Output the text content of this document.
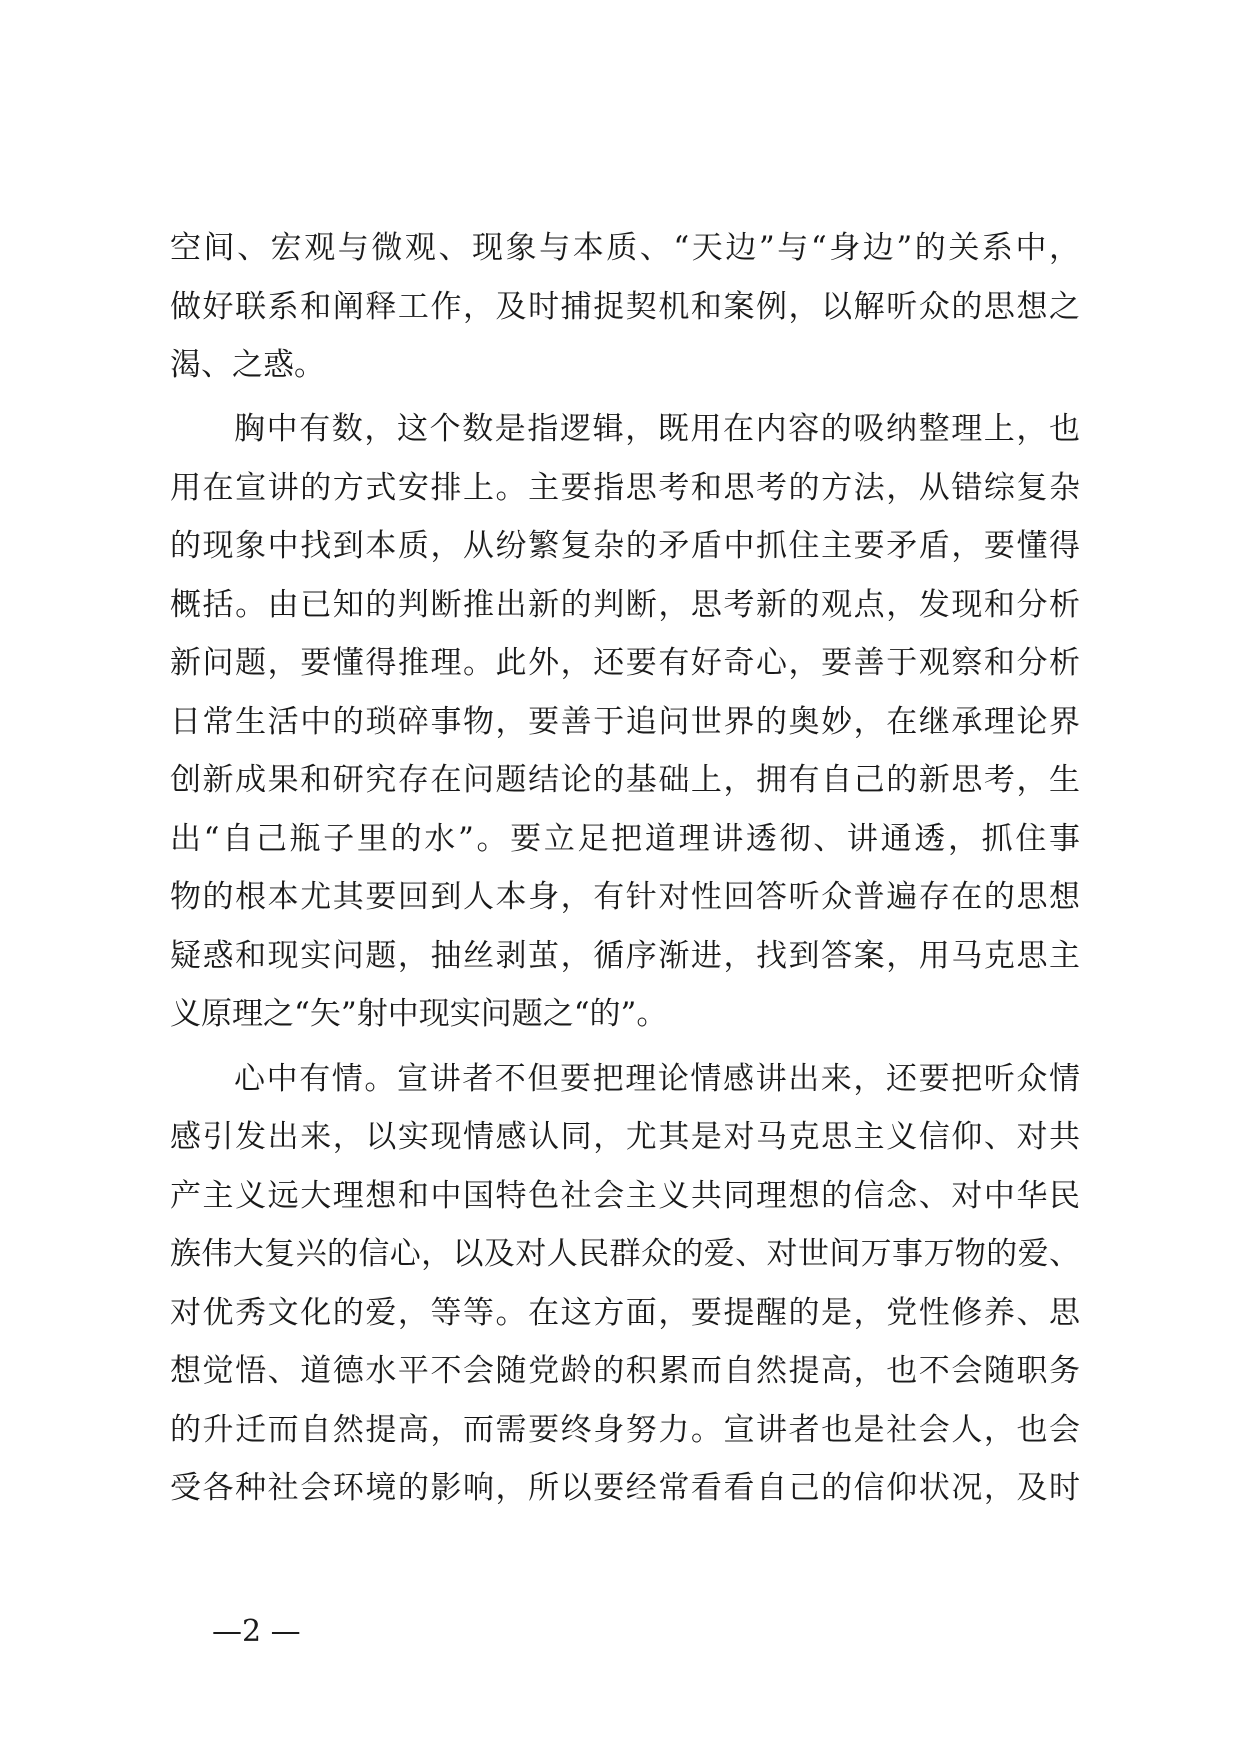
空间、宏观与微观、现象与本质、“天边”与“身边”的关系中，
做好联系和阐释工作，及时捕捉契机和案例，以解听众的思想之
渴、之惑。
胸中有数，这个数是指逻辑，既用在内容的吸纳整理上，也
用在宣讲的方式安排上。主要指思考和思考的方法，从错综复杂
的现象中找到本质，从纷繁复杂的矛盾中抓住主要矛盾，要懂得
概括。由已知的判断推出新的判断，思考新的观点，发现和分析
新问题，要懂得推理。此外，还要有好奇心，要善于观察和分析
日常生活中的琐碎事物，要善于追问世界的奥妙，在继承理论界
创新成果和研究存在问题结论的基础上，拥有自己的新思考，生
出“自己瓶子里的水”。要立足把道理讲透彻、讲通透，抓住事
物的根本尤其要回到人本身，有针对性回答听众普遍存在的思想
疑惑和现实问题，抽丝剥茧，循序渐进，找到答案，用马克思主
义原理之“矢”射中现实问题之“的”。
心中有情。宣讲者不但要把理论情感讲出来，还要把听众情
感引发出来，以实现情感认同，尤其是对马克思主义信仰、对共
产主义远大理想和中国特色社会主义共同理想的信念、对中华民
族伟大复兴的信心，以及对人民群众的爱、对世间万事万物的爱、
对优秀文化的爱，等等。在这方面，要提醒的是，党性修养、思
想觉悟、道德水平不会随党龄的积累而自然提高，也不会随职务
的升迁而自然提高，而需要终身努力。宣讲者也是社会人，也会
受各种社会环境的影响，所以要经常看看自己的信仰状况，及时
—2 —
